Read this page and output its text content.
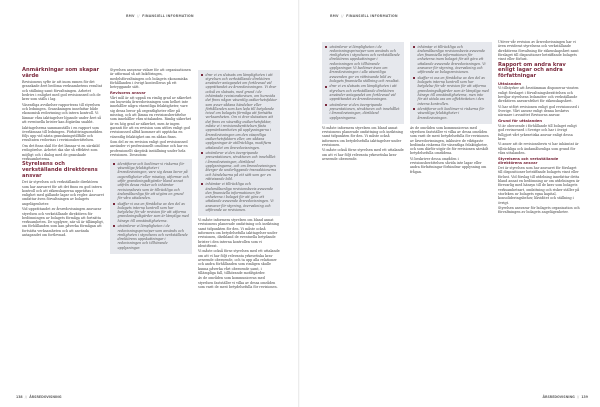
RMV // FINANSIELL INFORMATION
Anmärkningar som skapar värde

Revisionens syfte är att inom ramen för det granskade året bedöma verksamhetens resultat och ställning samt förvaltningen. Arbetet bedrivs i enlighet med god revisionssed och de krav som ställs i lag.

Väsentliga avvikelser rapporteras till styrelsen och ledningen. Granskningen innefattar både ekonomisk redovisning och intern kontroll. Vi lämnar våra iakttagelser löpande under året så att eventuella brister kan åtgärdas snabbt.

Iakttagelserna sammanställs i en rapport som överlämnas till ledningen. Förbättringsområden följs upp vid nästa granskningstillfälle och resultaten redovisas i revisionsberättelsen.

Om det finns skäl för det lämnar vi en särskild redogörelse. Arbetet ska ske så effektivt som möjligt och i dialog med de granskade verksamheterna.

Styrelsens och verkställande direktörens ansvar

Det är styrelsen och verkställande direktören som har ansvaret för att det finns en god intern kontroll och att räkenskaperna upprättas i enlighet med gällande lagar och regler. Ansvaret omfattar även förvaltningen av bolagets angelägenheter.

Vid upprättandet av årsredovisningen ansvarar styrelsen och verkställande direktören för bedömningen av bolagets förmåga att fortsätta verksamheten. De upplyser, när så är tillämpligt, om förhållanden som kan påverka förmågan att fortsätta verksamheten och att använda antagandet om fortlevnad.

Styrelsen ansvarar vidare för att organisationen är utformad så att bokföringen, medelsförvaltningen och bolagets ekonomiska förhållanden i övrigt kontrolleras på ett betryggande sätt.

Revisorns ansvar

Vårt mål är att uppnå en rimlig grad av säkerhet om huruvida årsredovisningen som helhet inte innehåller några väsentliga felaktigheter, vare sig dessa beror på oegentligheter eller på misstag, och att lämna en revisionsberättelse som innehåller våra uttalanden. Rimlig säkerhet är en hög grad av säkerhet, men är ingen garanti för att en revision som utförs enligt god revisionssed alltid kommer att upptäcka en väsentlig felaktighet om en sådan finns.

Som del av en revision enligt god revisionssed använder vi professionellt omdöme och har en professionellt skeptisk inställning under hela revisionen. Dessutom:

identifierar och bedömer vi riskerna för väsentliga felaktigheter i årsredovisningen, vare sig dessa beror på oegentligheter eller misstag, utformar och utför granskningsåtgärder bland annat utifrån dessa risker och inhämtar revisionsbevis som är tillräckliga och ändamålsenliga för att utgöra en grund för våra uttalanden.
skaffar vi oss en förståelse av den del av bolagets interna kontroll som har betydelse för vår revision för att utforma granskningsåtgärder som är lämpliga med hänsyn till omständigheterna.
utvärderar vi lämpligheten i de redovisningsprinciper som används och rimligheten i styrelsens och verkställande direktörens uppskattningar i redovisningen och tillhörande upplysningar.
drar vi en slutsats om lämpligheten i att styrelsen och verkställande direktören använder antagandet om fortlevnad vid upprättandet av årsredovisningen. Vi drar också en slutsats, med grund i de inhämtade revisionsbevisen, om huruvida det finns någon väsentlig osäkerhetsfaktor som avser sådana händelser eller förhållanden som kan leda till betydande tvivel om bolagets förmåga att fortsätta verksamheten. Om vi drar slutsatsen att det finns en väsentlig osäkerhetsfaktor, måste vi i revisionsberättelsen fästa uppmärksamheten på upplysningarna i årsredovisningen om den väsentliga osäkerhetsfaktorn eller, om sådana upplysningar är otillräckliga, modifiera uttalandet om årsredovisningen.
utvärderar vi den övergripande presentationen, strukturen och innehållet i årsredovisningen, däribland upplysningarna, och om årsredovisningen återger de underliggande transaktionerna och händelserna på ett sätt som ger en rättvisande bild.
inhämtar vi tillräckliga och ändamålsenliga revisionsbevis avseende den finansiella informationen för enheterna i bolaget för att göra ett uttalande avseende årsredovisningen. Vi ansvarar för styrning, övervakning och utförande av revisionen.

Vi måste informera styrelsen om bland annat revisionens planerade omfattning och inriktning samt tidpunkten för den. Vi måste också informera om betydelsefulla iakttagelser under revisionen, däribland de eventuella betydande brister i den interna kontrollen som vi identifierat.

Vi måste också förse styrelsen med ett uttalande om att vi har följt relevanta yrkesetiska krav avseende oberoende, och ta upp alla relationer och andra förhållanden som rimligen skulle kunna påverka vårt oberoende samt, i tillämpliga fall, tillhörande motåtgärder.

Av de områden som kommuniceras med styrelsen fastställer vi vilka av dessa områden som varit de mest betydelsefulla för revisionen.

138 // ÅRSREDOVISNING
RMV // FINANSIELL INFORMATION
utvärderar vi lämpligheten i de redovisningsprinciper som används och rimligheten i styrelsens och verkställande direktörens uppskattningar i redovisningen och tillhörande upplysningar. Vi bedömer även om årsredovisningen i alla väsentliga avseenden ger en rättvisande bild av bolagets finansiella ställning och resultat.
drar vi en slutsats om lämpligheten i att styrelsen och verkställande direktören använder antagandet om fortlevnad vid upprättandet av årsredovisningen.
utvärderar vi den övergripande presentationen, strukturen och innehållet i årsredovisningen, däribland upplysningarna.

Vi måste informera styrelsen om bland annat revisionens planerade omfattning och inriktning samt tidpunkten för den. Vi måste också informera om betydelsefulla iakttagelser under revisionen.

Vi måste också förse styrelsen med ett uttalande om att vi har följt relevanta yrkesetiska krav avseende oberoende.

inhämtar vi tillräckliga och ändamålsenliga revisionsbevis avseende den finansiella informationen för enheterna inom bolaget för att göra ett uttalande avseende årsredovisningen. Vi ansvarar för styrning, övervakning och utförande av bolagsrevisionen.
skaffar vi oss en förståelse av den del av bolagets interna kontroll som har betydelse för vår revision för att utforma granskningsåtgärder som är lämpliga med hänsyn till omständigheterna, men inte för att uttala oss om effektiviteten i den interna kontrollen.
identifierar och bedömer vi riskerna för väsentliga felaktigheter i årsredovisningen.

Av de områden som kommuniceras med styrelsen fastställer vi vilka av dessa områden som varit de mest betydelsefulla för revisionen av årsredovisningen, inklusive de viktigaste bedömda riskerna för väsentliga felaktigheter, och som därför utgör de för revisionen särskilt betydelsefulla områdena.

Vi beskriver dessa områden i revisionsberättelsen såvida inte lagar eller andra författningar förhindrar upplysning om frågan.

Utöver vår revision av årsredovisningen har vi även reviderat styrelsens och verkställande direktörens förvaltning för räkenskapsåret samt förslaget till dispositioner beträffande bolagets vinst eller förlust.

Rapport om andra krav enligt lagar och andra författningar
Uttalanden

Vi tillstyrker att årsstämman disponerar vinsten enligt förslaget i förvaltningsberättelsen och beviljar styrelsens ledamöter och verkställande direktören ansvarsfrihet för räkenskapsåret.

Vi har utfört revisionen enligt god revisionssed i Sverige. Vårt ansvar enligt denna beskrivs närmare i avsnittet Revisorns ansvar.

Grund för uttalanden

Vi är oberoende i förhållande till bolaget enligt god revisorssed i Sverige och har i övrigt fullgjort vårt yrkesetiska ansvar enligt dessa krav.

Vi anser att de revisionsbevis vi har inhämtat är tillräckliga och ändamålsenliga som grund för våra uttalanden.

Styrelsens och verkställande direktörens ansvar

Det är styrelsen som har ansvaret för förslaget till dispositioner beträffande bolagets vinst eller förlust. Vid förslag till utdelning innefattar detta bland annat en bedömning av om utdelningen är försvarlig med hänsyn till de krav som bolagets verksamhetsart, omfattning och risker ställer på storleken av bolagets egna kapital, konsolideringsbehov, likviditet och ställning i övrigt.

Styrelsen ansvarar för bolagets organisation och förvaltningen av bolagets angelägenheter.

ÅRSREDOVISNING // 139
